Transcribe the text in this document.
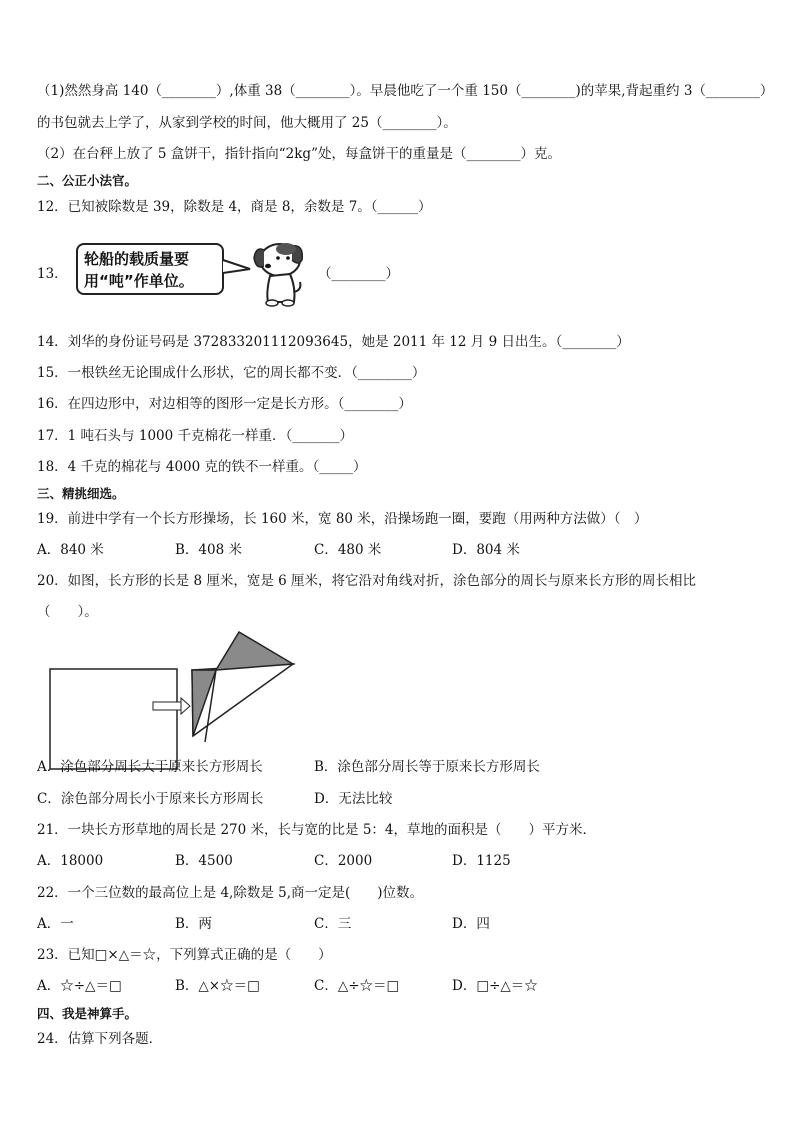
（1)然然身高 140（________）,体重 38（________）。早晨他吃了一个重 150（________)的苹果,背起重约 3（________）
的书包就去上学了，从家到学校的时间，他大概用了 25（________）。
（2）在台秤上放了 5 盒饼干，指针指向“2kg”处，每盒饼干的重量是（________）克。
二、公正小法官。
12．已知被除数是 39，除数是 4，商是 8，余数是 7。（______）
13．
轮船的载质量要用“吨”作单位。	（________）
14．刘华的身份证号码是 372833201112093645，她是 2011 年 12 月 9 日出生。（________）
15．一根铁丝无论围成什么形状，它的周长都不变．（________）
16．在四边形中，对边相等的图形一定是长方形。（________）
17．1 吨石头与 1000 千克棉花一样重．（_______）
18．4 千克的棉花与 4000 克的铁不一样重。（_____）
三、精挑细选。
19．前进中学有一个长方形操场，长 160 米，宽 80 米，沿操场跑一圈，要跑（用两种方法做）（　）
A．840 米	B．408 米	C．480 米	D．804 米
20．如图，长方形的长是 8 厘米，宽是 6 厘米，将它沿对角线对折，涂色部分的周长与原来长方形的周长相比
（　　）。
A．涂色部分周长大于原来长方形周长	B．涂色部分周长等于原来长方形周长
C．涂色部分周长小于原来长方形周长	D．无法比较
21．一块长方形草地的周长是 270 米，长与宽的比是 5：4，草地的面积是（　　）平方米．
A．18000	B．4500	C．2000	D．1125
22．一个三位数的最高位上是 4,除数是 5,商一定是(　　)位数。
A．一	B．两	C．三	D．四
23．已知□×△＝☆，下列算式正确的是（　　）
A．☆÷△＝□	B．△×☆＝□	C．△÷☆＝□	D．□÷△＝☆
四、我是神算手。
24．估算下列各题．
